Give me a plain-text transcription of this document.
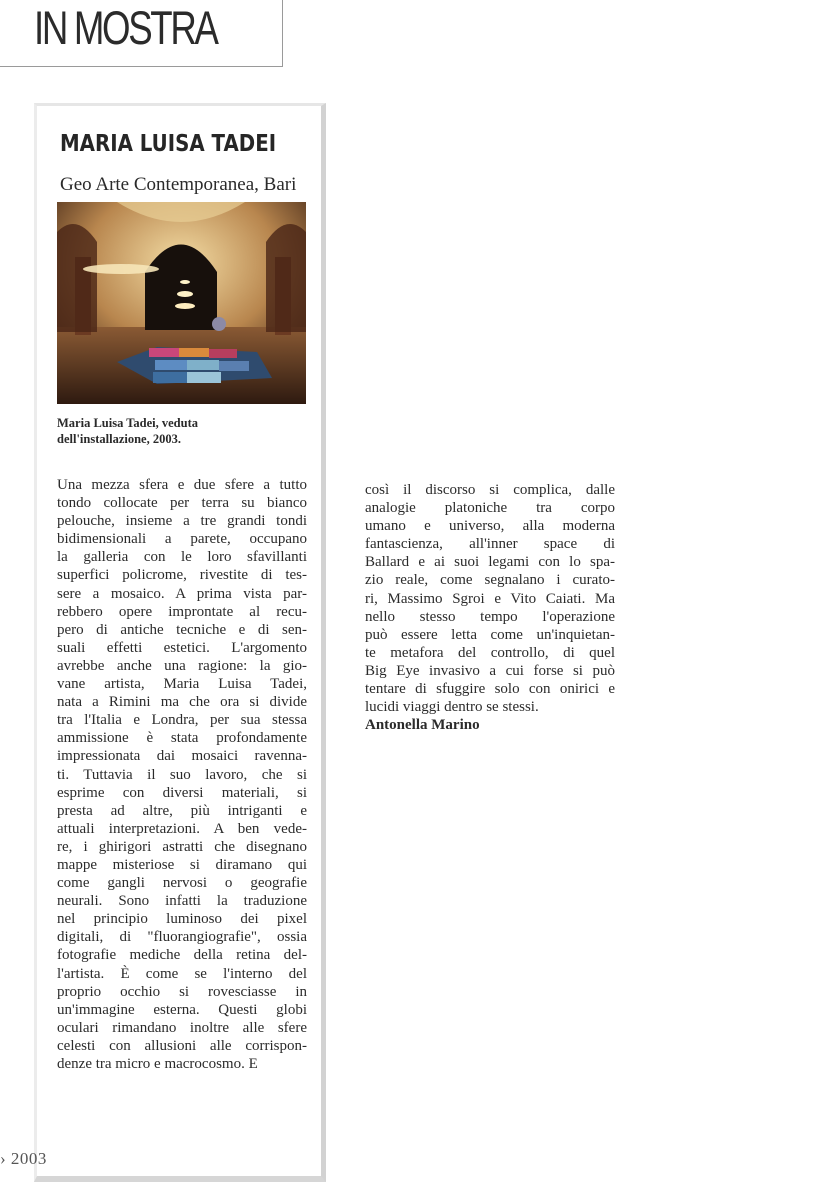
IN MOSTRA
MARIA LUISA TADEI
Geo Arte Contemporanea, Bari
Maria Luisa Tadei, veduta
dell'installazione, 2003.
Una mezza sfera e due sfere a tutto
tondo collocate per terra su bianco
pelouche, insieme a tre grandi tondi
bidimensionali a parete, occupano
la galleria con le loro sfavillanti
superfici policrome, rivestite di tes-
sere a mosaico. A prima vista par-
rebbero opere improntate al recu-
pero di antiche tecniche e di sen-
suali effetti estetici. L'argomento
avrebbe anche una ragione: la gio-
vane artista, Maria Luisa Tadei,
nata a Rimini ma che ora si divide
tra l'Italia e Londra, per sua stessa
ammissione è stata profondamente
impressionata dai mosaici ravenna-
ti. Tuttavia il suo lavoro, che si
esprime con diversi materiali, si
presta ad altre, più intriganti e
attuali interpretazioni. A ben vede-
re, i ghirigori astratti che disegnano
mappe misteriose si diramano qui
come gangli nervosi o geografie
neurali. Sono infatti la traduzione
nel principio luminoso dei pixel
digitali, di "fluorangiografie", ossia
fotografie mediche della retina del-
l'artista. È come se l'interno del
proprio occhio si rovesciasse in
un'immagine esterna. Questi globi
oculari rimandano inoltre alle sfere
celesti con allusioni alle corrispon-
denze tra micro e macrocosmo. E
così il discorso si complica, dalle
analogie platoniche tra corpo
umano e universo, alla moderna
fantascienza, all'inner space di
Ballard e ai suoi legami con lo spa-
zio reale, come segnalano i curato-
ri, Massimo Sgroi e Vito Caiati. Ma
nello stesso tempo l'operazione
può essere letta come un'inquietan-
te metafora del controllo, di quel
Big Eye invasivo a cui forse si può
tentare di sfuggire solo con onirici e
lucidi viaggi dentro se stessi.
Antonella Marino
› 2003
